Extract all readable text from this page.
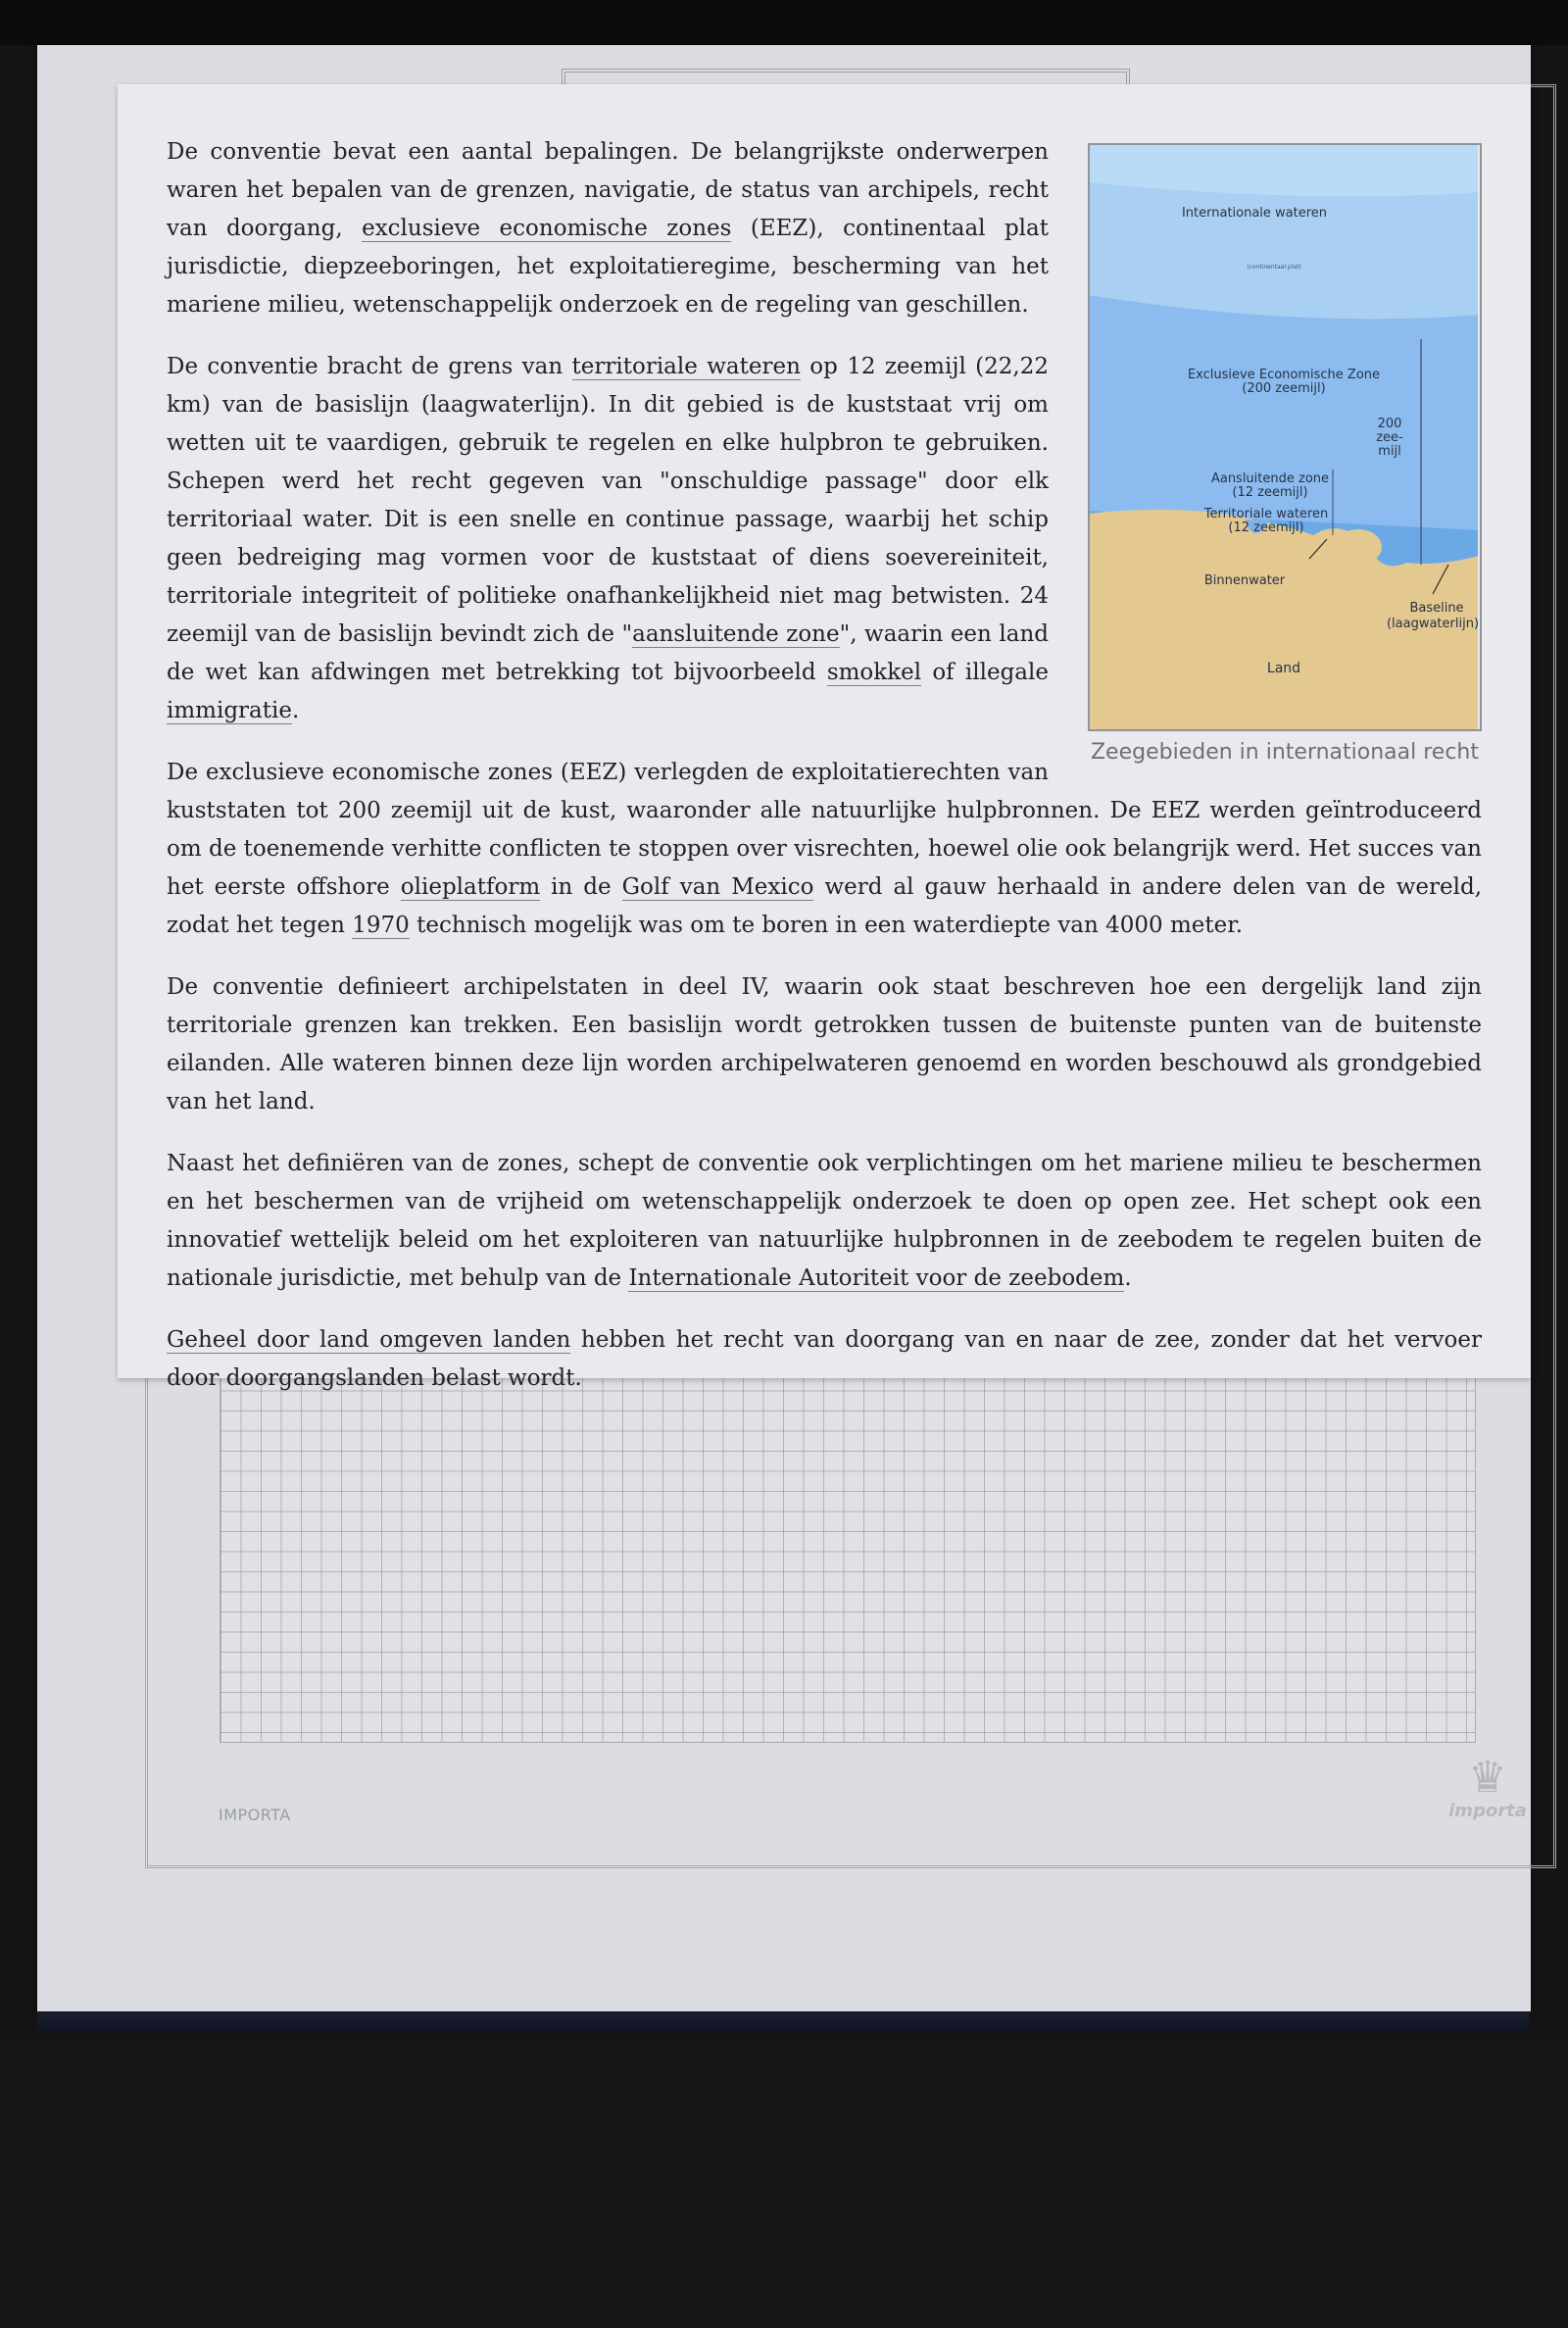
IMPORTA
♛
importa
Internationale wateren
(continentaal plat)
Exclusieve Economische Zone
(200 zeemijl)
200
zee-
mijl
Aansluitende zone
(12 zeemijl)
Territoriale wateren
(12 zeemijl)
Binnenwater
Baseline
(laagwaterlijn)
Land
Zeegebieden in internationaal recht

De conventie bevat een aantal bepalingen. De belangrijkste onderwerpen waren het bepalen van de grenzen, navigatie, de status van archipels, recht van doorgang, exclusieve economische zones (EEZ), continentaal plat jurisdictie, diepzeeboringen, het exploitatieregime, bescherming van het mariene milieu, wetenschappelijk onderzoek en de regeling van geschillen.

De conventie bracht de grens van territoriale wateren op 12 zeemijl (22,22 km) van de basislijn (laagwaterlijn). In dit gebied is de kuststaat vrij om wetten uit te vaardigen, gebruik te regelen en elke hulpbron te gebruiken. Schepen werd het recht gegeven van "onschuldige passage" door elk territoriaal water. Dit is een snelle en continue passage, waarbij het schip geen bedreiging mag vormen voor de kuststaat of diens soevereiniteit, territoriale integriteit of politieke onafhankelijkheid niet mag betwisten. 24 zeemijl van de basislijn bevindt zich de "aansluitende zone", waarin een land de wet kan afdwingen met betrekking tot bijvoorbeeld smokkel of illegale immigratie.

De exclusieve economische zones (EEZ) verlegden de exploitatierechten van kuststaten tot 200 zeemijl uit de kust, waaronder alle natuurlijke hulpbronnen. De EEZ werden geïntroduceerd om de toenemende verhitte conflicten te stoppen over visrechten, hoewel olie ook belangrijk werd. Het succes van het eerste offshore olieplatform in de Golf van Mexico werd al gauw herhaald in andere delen van de wereld, zodat het tegen 1970 technisch mogelijk was om te boren in een waterdiepte van 4000 meter.

De conventie definieert archipelstaten in deel IV, waarin ook staat beschreven hoe een dergelijk land zijn territoriale grenzen kan trekken. Een basislijn wordt getrokken tussen de buitenste punten van de buitenste eilanden. Alle wateren binnen deze lijn worden archipelwateren genoemd en worden beschouwd als grondgebied van het land.

Naast het definiëren van de zones, schept de conventie ook verplichtingen om het mariene milieu te beschermen en het beschermen van de vrijheid om wetenschappelijk onderzoek te doen op open zee. Het schept ook een innovatief wettelijk beleid om het exploiteren van natuurlijke hulpbronnen in de zeebodem te regelen buiten de nationale jurisdictie, met behulp van de Internationale Autoriteit voor de zeebodem.

Geheel door land omgeven landen hebben het recht van doorgang van en naar de zee, zonder dat het vervoer door doorgangslanden belast wordt.
